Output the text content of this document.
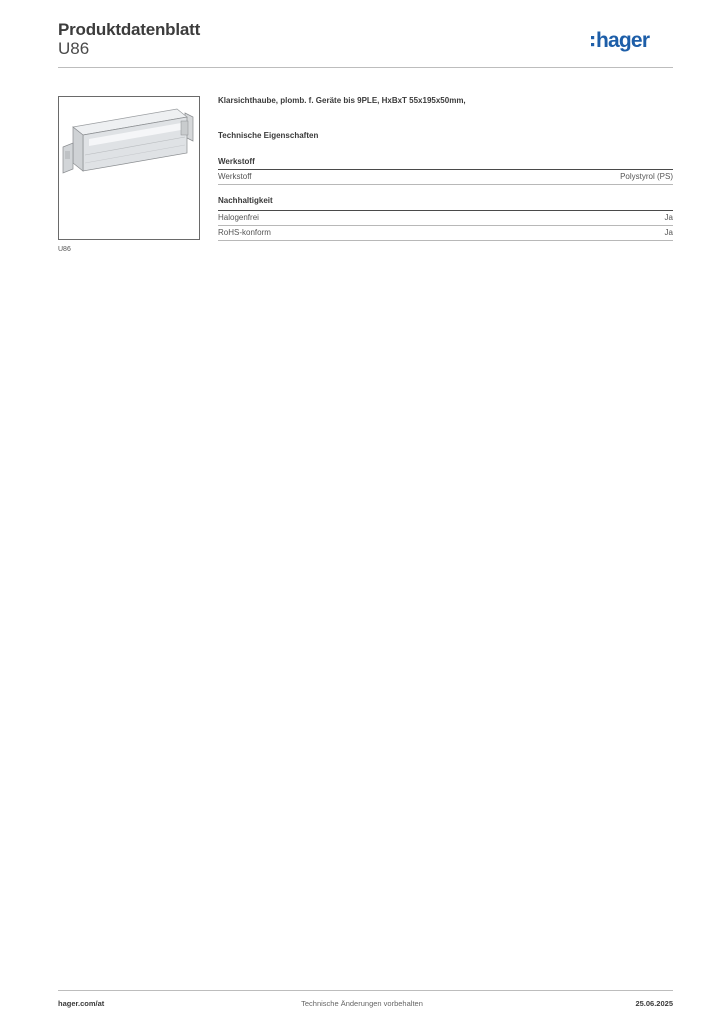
Produktdatenblatt
U86	hager
U86
Klarsichthaube, plomb. f. Geräte bis 9PLE, HxBxT 55x195x50mm,
Technische Eigenschaften
Werkstoff
Werkstoff	Polystyrol (PS)
Nachhaltigkeit
Halogenfrei	Ja
RoHS-konform	Ja
hager.com/at	Technische Änderungen vorbehalten	25.06.2025
